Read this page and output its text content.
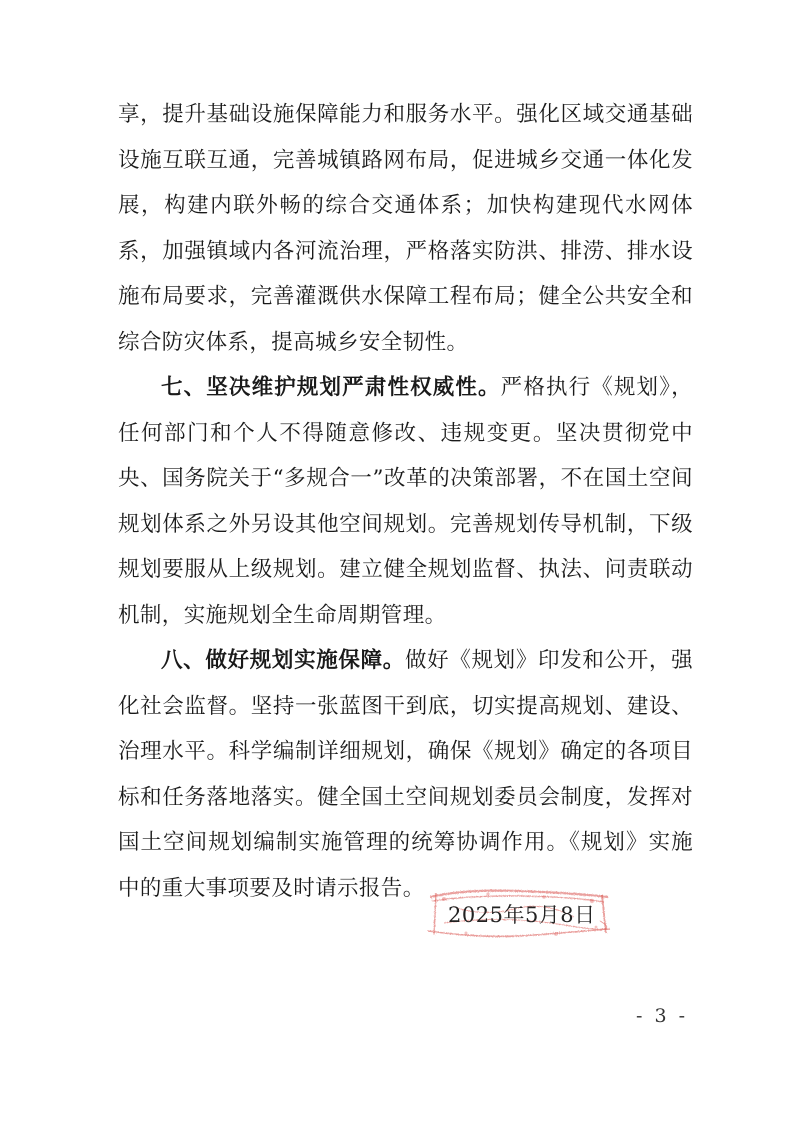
享，提升基础设施保障能力和服务水平。强化区域交通基础设施互联互通，完善城镇路网布局，促进城乡交通一体化发展，构建内联外畅的综合交通体系；加快构建现代水网体系，加强镇域内各河流治理，严格落实防洪、排涝、排水设施布局要求，完善灌溉供水保障工程布局；健全公共安全和综合防灾体系，提高城乡安全韧性。

七、坚决维护规划严肃性权威性。严格执行《规划》，任何部门和个人不得随意修改、违规变更。坚决贯彻党中央、国务院关于“多规合一”改革的决策部署，不在国土空间规划体系之外另设其他空间规划。完善规划传导机制，下级规划要服从上级规划。建立健全规划监督、执法、问责联动机制，实施规划全生命周期管理。

八、做好规划实施保障。做好《规划》印发和公开，强化社会监督。坚持一张蓝图干到底，切实提高规划、建设、治理水平。科学编制详细规划，确保《规划》确定的各项目标和任务落地落实。健全国土空间规划委员会制度，发挥对国土空间规划编制实施管理的统筹协调作用。《规划》实施中的重大事项要及时请示报告。

2025年5月8日
- 3 -
